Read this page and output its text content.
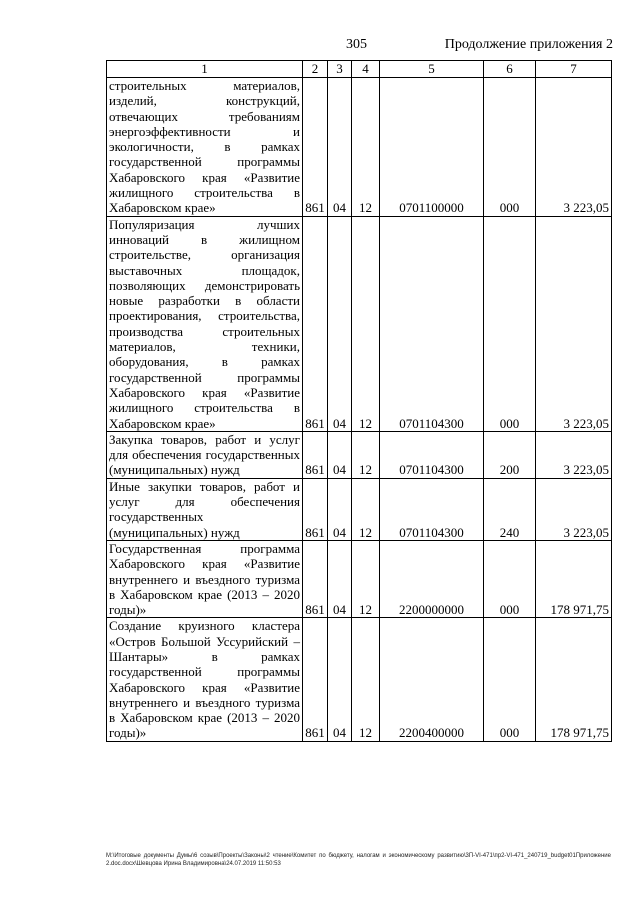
305	Продолжение приложения 2
1	2	3	4	5	6	7
строительных материалов, изделий, конструкций, отвечающих требованиям энергоэффективности и экологичности, в рамках государственной программы Хабаровского края «Развитие жилищного строительства в Хабаровском крае»	861	04	12	0701100000	000	3 223,05
Популяризация лучших инноваций в жилищном строительстве, организация выставочных площадок, позволяющих демонстрировать новые разработки в области проектирования, строительства, производства строительных материалов, техники, оборудования, в рамках государственной программы Хабаровского края «Развитие жилищного строительства в Хабаровском крае»	861	04	12	0701104300	000	3 223,05
Закупка товаров, работ и услуг для обеспечения государственных (муниципальных) нужд	861	04	12	0701104300	200	3 223,05
Иные закупки товаров, работ и услуг для обеспечения государственных (муниципальных) нужд	861	04	12	0701104300	240	3 223,05
Государственная программа Хабаровского края «Развитие внутреннего и въездного туризма в Хабаровском крае (2013 – 2020 годы)»	861	04	12	2200000000	000	178 971,75
Создание круизного кластера «Остров Большой Уссурийский – Шантары» в рамках государственной программы Хабаровского края «Развитие внутреннего и въездного туризма в Хабаровском крае (2013 – 2020 годы)»	861	04	12	2200400000	000	178 971,75
M:\Итоговые документы Думы\6 созыв\Проекты\Законы\2 чтение\Комитет по бюджету, налогам и экономическому развитию\3П-VI-471\пр2-VI-471_240719_budget01Приложение 2.doc.docx\Шевцова Ирина Владимировна\24.07.2019 11:50:53
